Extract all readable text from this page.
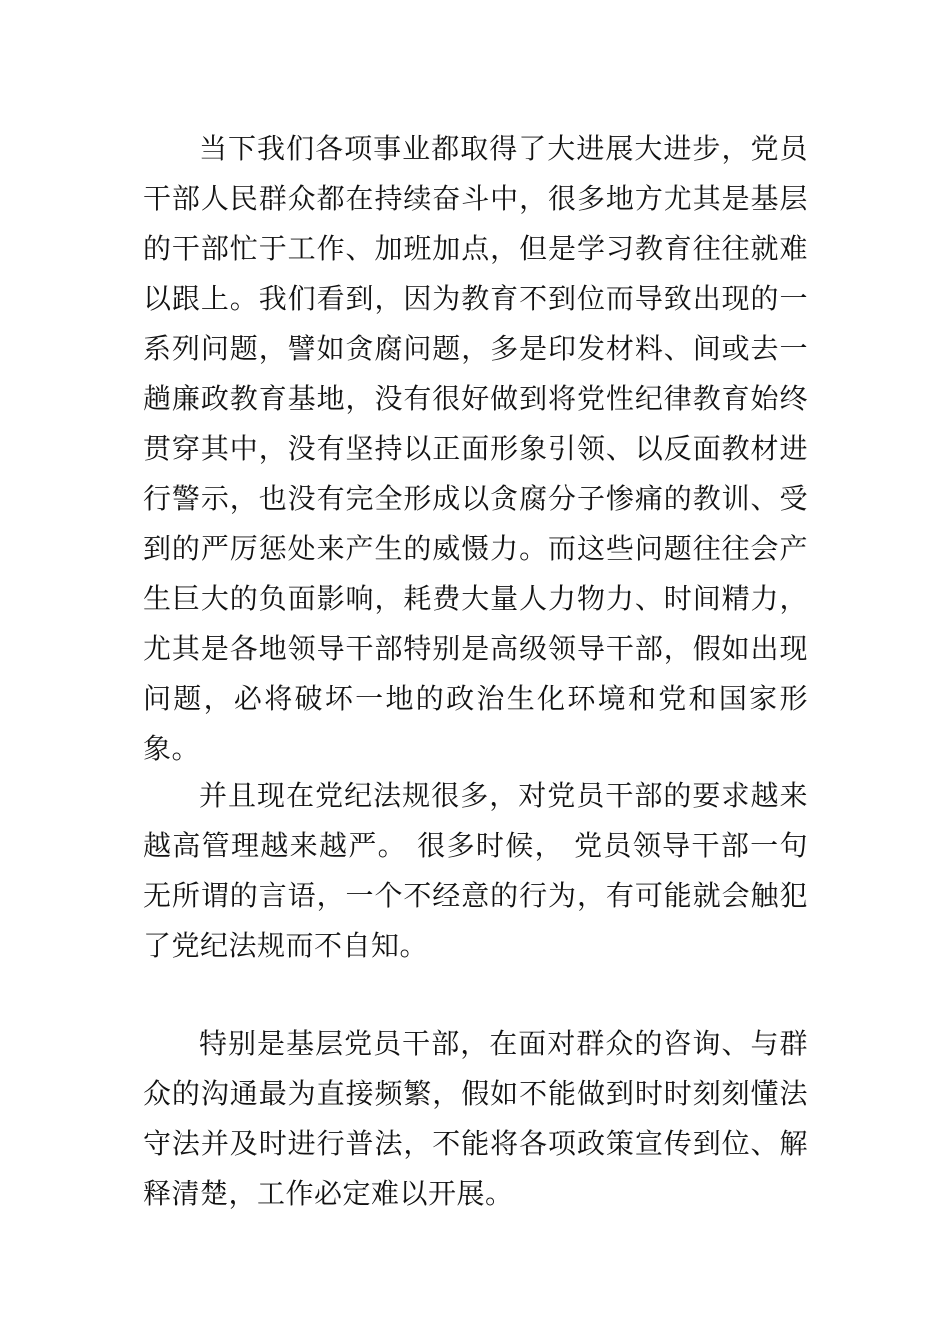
当下我们各项事业都取得了大进展大进步，党员干部人民群众都在持续奋斗中，很多地方尤其是基层的干部忙于工作、加班加点，但是学习教育往往就难以跟上。我们看到，因为教育不到位而导致出现的一系列问题，譬如贪腐问题，多是印发材料、间或去一趟廉政教育基地，没有很好做到将党性纪律教育始终贯穿其中，没有坚持以正面形象引领、以反面教材进行警示，也没有完全形成以贪腐分子惨痛的教训、受到的严厉惩处来产生的威慑力。而这些问题往往会产生巨大的负面影响，耗费大量人力物力、时间精力，尤其是各地领导干部特别是高级领导干部，假如出现问题，必将破坏一地的政治生化环境和党和国家形象。

并且现在党纪法规很多，对党员干部的要求越来越高管理越来越严。 很多时候， 党员领导干部一句无所谓的言语，一个不经意的行为，有可能就会触犯了党纪法规而不自知。

特别是基层党员干部，在面对群众的咨询、与群众的沟通最为直接频繁，假如不能做到时时刻刻懂法守法并及时进行普法，不能将各项政策宣传到位、解释清楚，工作必定难以开展。
